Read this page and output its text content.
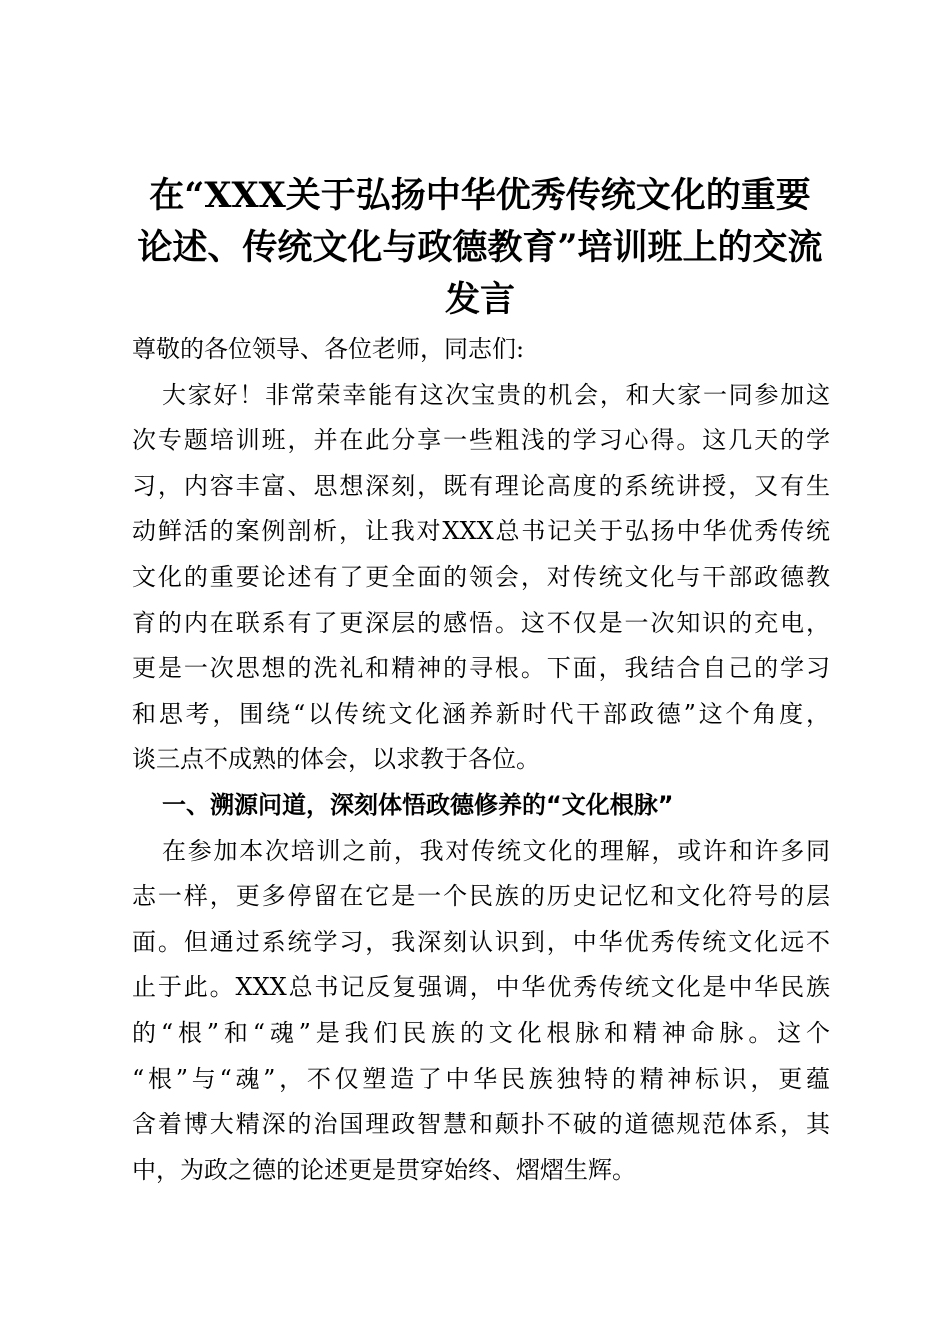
在“XXX关于弘扬中华优秀传统文化的重要
论述、传统文化与政德教育”培训班上的交流
发言
尊敬的各位领导、各位老师，同志们:
大家好！非常荣幸能有这次宝贵的机会，和大家一同参加这
次专题培训班，并在此分享一些粗浅的学习心得。这几天的学
习，内容丰富、思想深刻，既有理论高度的系统讲授，又有生
动鲜活的案例剖析，让我对XXX总书记关于弘扬中华优秀传统
文化的重要论述有了更全面的领会，对传统文化与干部政德教
育的内在联系有了更深层的感悟。这不仅是一次知识的充电，
更是一次思想的洗礼和精神的寻根。下面，我结合自己的学习
和思考，围绕“以传统文化涵养新时代干部政德”这个角度，
谈三点不成熟的体会，以求教于各位。
一、溯源问道，深刻体悟政德修养的“文化根脉”
在参加本次培训之前，我对传统文化的理解，或许和许多同
志一样，更多停留在它是一个民族的历史记忆和文化符号的层
面。但通过系统学习，我深刻认识到，中华优秀传统文化远不
止于此。XXX总书记反复强调，中华优秀传统文化是中华民族
的“根”和“魂”是我们民族的文化根脉和精神命脉。这个
“根”与“魂”，不仅塑造了中华民族独特的精神标识，更蕴
含着博大精深的治国理政智慧和颠扑不破的道德规范体系，其
中，为政之德的论述更是贯穿始终、熠熠生辉。
